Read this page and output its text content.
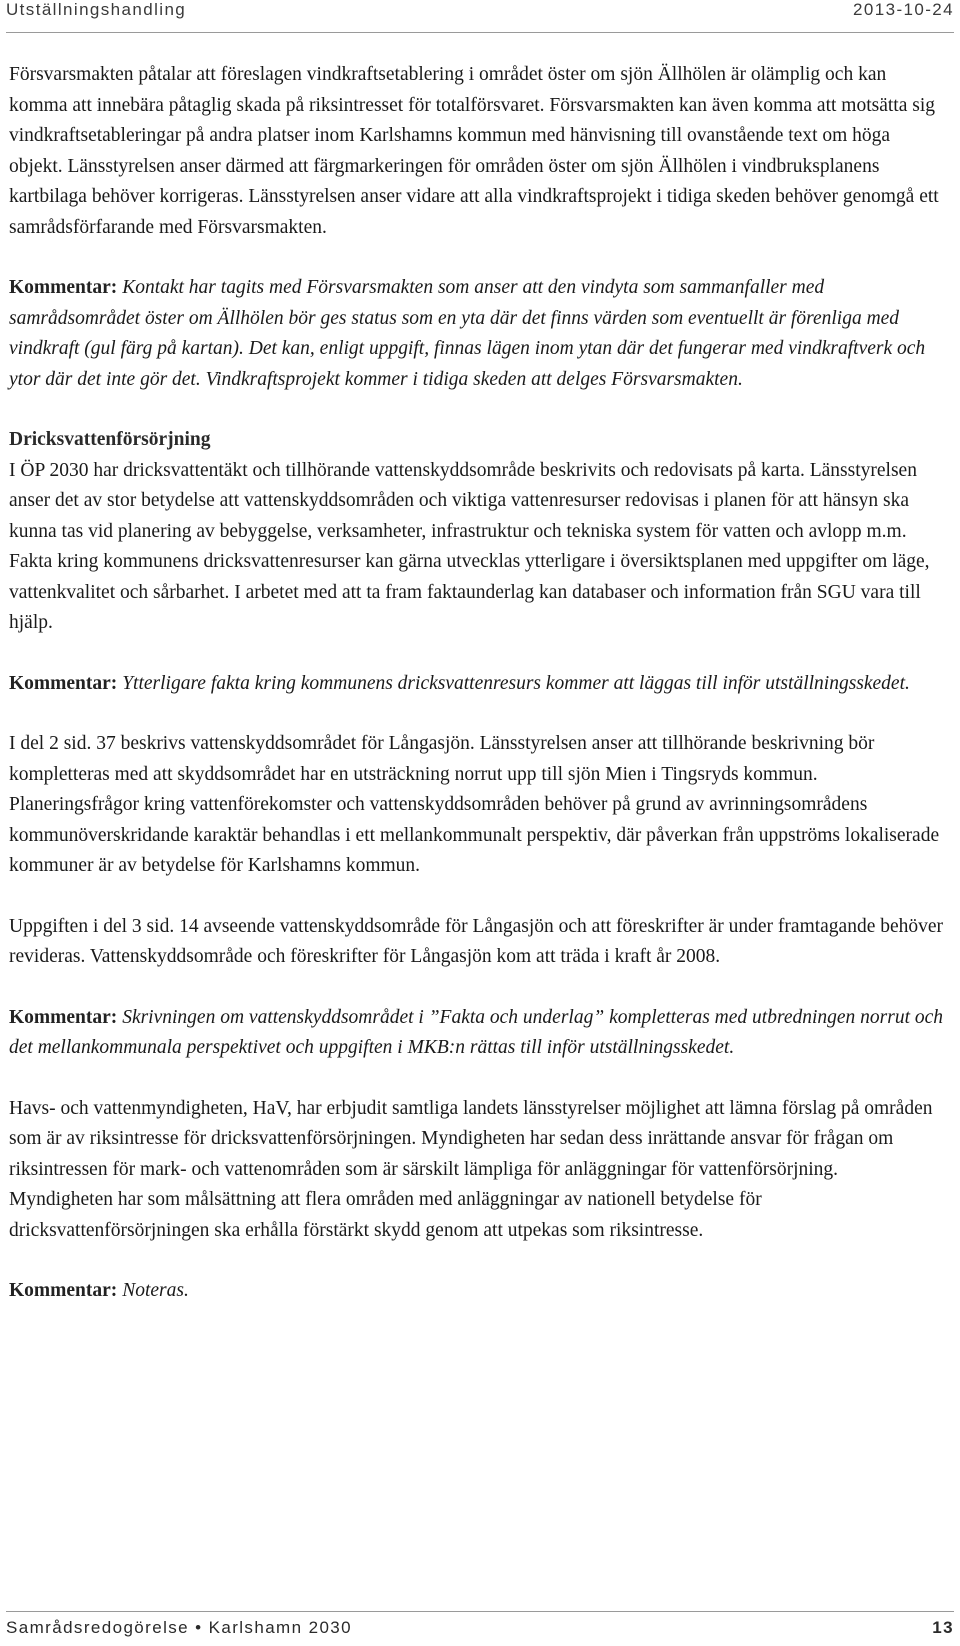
Utställningshandling	2013-10-24

Försvarsmakten påtalar att föreslagen vindkraftsetablering i området öster om sjön Ällhölen är olämplig och kan komma att innebära påtaglig skada på riksintresset för totalförsvaret. Försvarsmakten kan även komma att motsätta sig vindkraftsetableringar på andra platser inom Karlshamns kommun med hänvisning till ovanstående text om höga objekt. Länsstyrelsen anser därmed att färgmarkeringen för områden öster om sjön Ällhölen i vindbruksplanens kartbilaga behöver korrigeras. Länsstyrelsen anser vidare att alla vindkraftsprojekt i tidiga skeden behöver genomgå ett samrådsförfarande med Försvarsmakten.

Kommentar: Kontakt har tagits med Försvarsmakten som anser att den vindyta som sammanfaller med samrådsområdet öster om Ällhölen bör ges status som en yta där det finns värden som eventuellt är förenliga med vindkraft (gul färg på kartan). Det kan, enligt uppgift, finnas lägen inom ytan där det fungerar med vindkraftverk och ytor där det inte gör det. Vindkraftsprojekt kommer i tidiga skeden att delges Försvarsmakten.

Dricksvattenförsörjning

I ÖP 2030 har dricksvattentäkt och tillhörande vattenskyddsområde beskrivits och redovisats på karta. Länsstyrelsen anser det av stor betydelse att vattenskyddsområden och viktiga vattenresurser redovisas i planen för att hänsyn ska kunna tas vid planering av bebyggelse, verksamheter, infrastruktur och tekniska system för vatten och avlopp m.m. Fakta kring kommunens dricksvattenresurser kan gärna utvecklas ytterligare i översiktsplanen med uppgifter om läge, vattenkvalitet och sårbarhet. I arbetet med att ta fram faktaunderlag kan databaser och information från SGU vara till hjälp.

Kommentar: Ytterligare fakta kring kommunens dricksvattenresurs kommer att läggas till inför utställningsskedet.

I del 2 sid. 37 beskrivs vattenskyddsområdet för Långasjön. Länsstyrelsen anser att tillhörande beskrivning bör kompletteras med att skyddsområdet har en utsträckning norrut upp till sjön Mien i Tingsryds kommun. Planeringsfrågor kring vattenförekomster och vattenskyddsområden behöver på grund av avrinningsområdens kommunöverskridande karaktär behandlas i ett mellankommunalt perspektiv, där påverkan från uppströms lokaliserade kommuner är av betydelse för Karlshamns kommun.

Uppgiften i del 3 sid. 14 avseende vattenskyddsområde för Långasjön och att föreskrifter är under framtagande behöver revideras. Vattenskyddsområde och föreskrifter för Långasjön kom att träda i kraft år 2008.

Kommentar: Skrivningen om vattenskyddsområdet i ”Fakta och underlag” kompletteras med utbredningen norrut och det mellankommunala perspektivet och uppgiften i MKB:n rättas till inför utställningsskedet.

Havs- och vattenmyndigheten, HaV, har erbjudit samtliga landets länsstyrelser möjlighet att lämna förslag på områden som är av riksintresse för dricksvattenförsörjningen. Myndigheten har sedan dess inrättande ansvar för frågan om riksintressen för mark- och vattenområden som är särskilt lämpliga för anläggningar för vattenförsörjning. Myndigheten har som målsättning att flera områden med anläggningar av nationell betydelse för dricksvattenförsörjningen ska erhålla förstärkt skydd genom att utpekas som riksintresse.

Kommentar: Noteras.

Samrådsredogörelse • Karlshamn 2030	13
